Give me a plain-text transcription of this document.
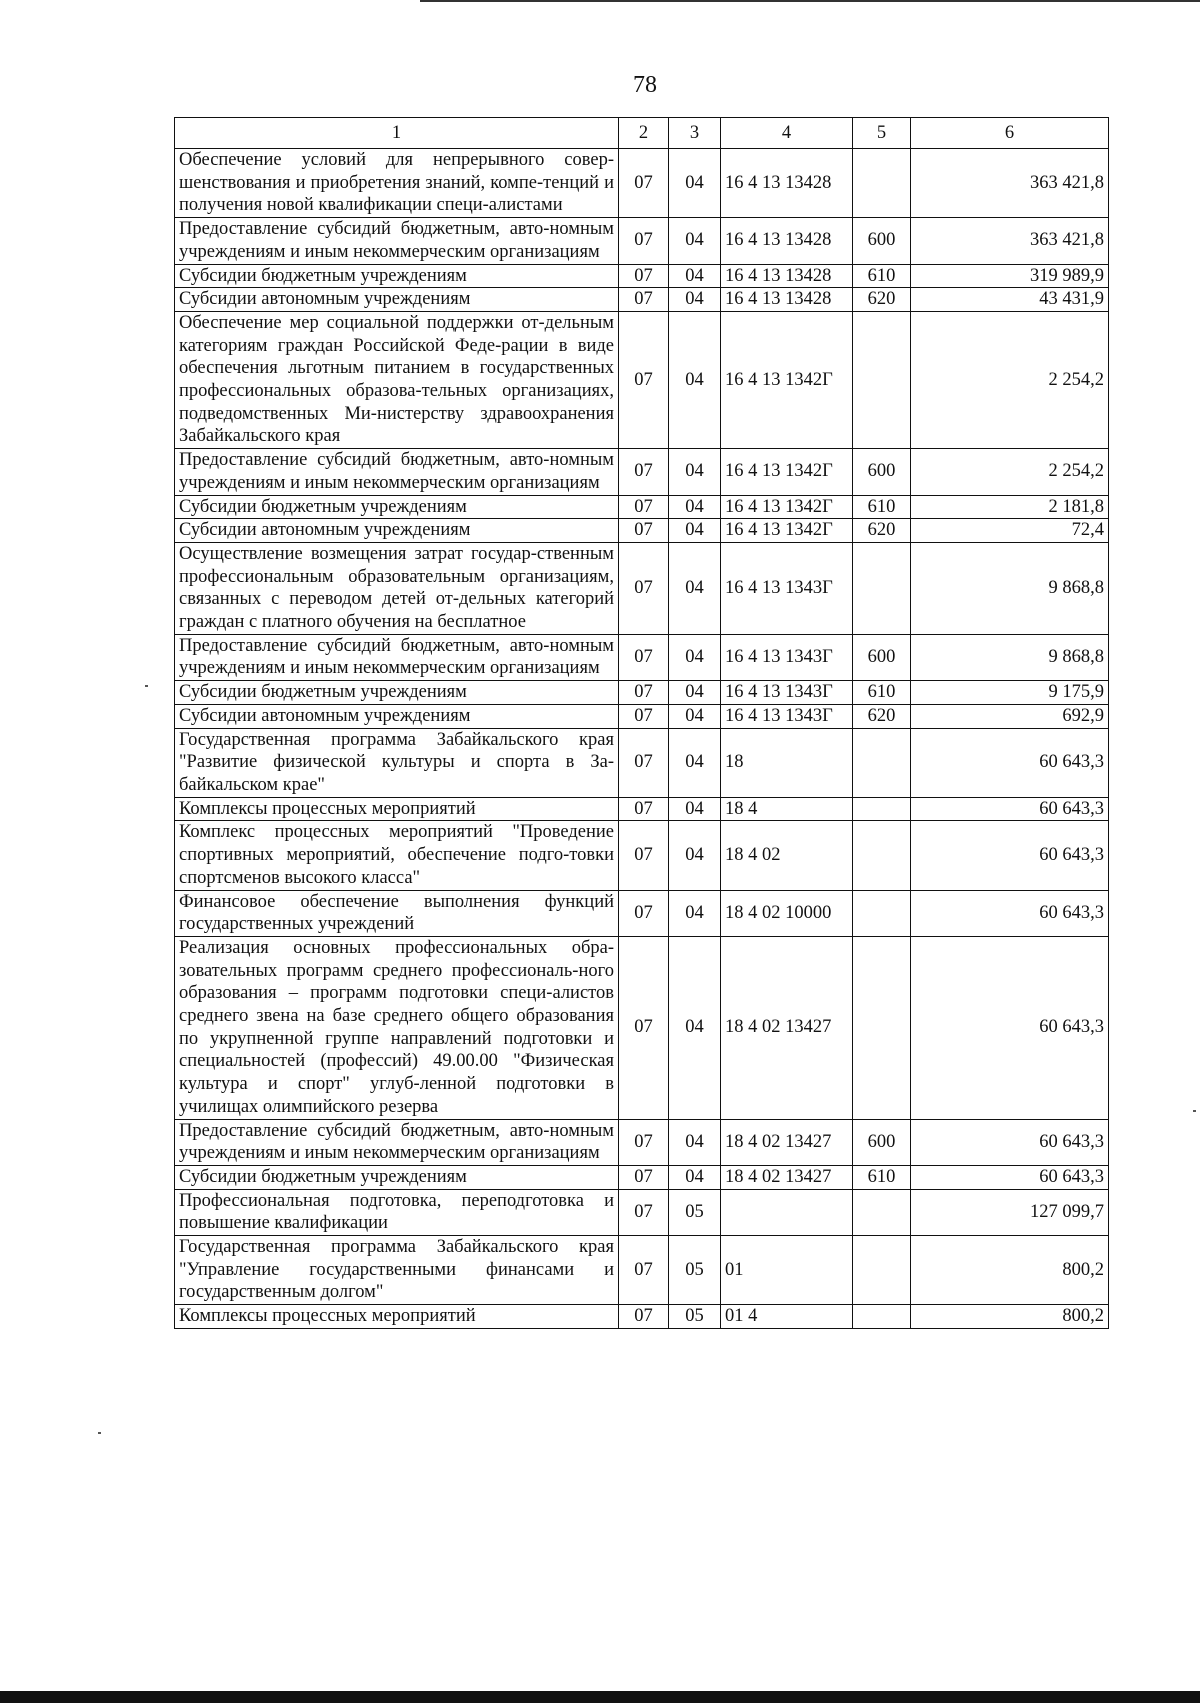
78
1	2	3	4	5	6
Обеспечение условий для непрерывного совер-шенствования и приобретения знаний, компе-тенций и получения новой квалификации специ-алистами	07	04	16 4 13 13428		363 421,8
Предоставление субсидий бюджетным, авто-номным учреждениям и иным некоммерческим организациям	07	04	16 4 13 13428	600	363 421,8
Субсидии бюджетным учреждениям	07	04	16 4 13 13428	610	319 989,9
Субсидии автономным учреждениям	07	04	16 4 13 13428	620	43 431,9
Обеспечение мер социальной поддержки от-дельным категориям граждан Российской Феде-рации в виде обеспечения льготным питанием в государственных профессиональных образова-тельных организациях, подведомственных Ми-нистерству здравоохранения Забайкальского края	07	04	16 4 13 1342Г		2 254,2
Предоставление субсидий бюджетным, авто-номным учреждениям и иным некоммерческим организациям	07	04	16 4 13 1342Г	600	2 254,2
Субсидии бюджетным учреждениям	07	04	16 4 13 1342Г	610	2 181,8
Субсидии автономным учреждениям	07	04	16 4 13 1342Г	620	72,4
Осуществление возмещения затрат государ-ственным профессиональным образовательным организациям, связанных с переводом детей от-дельных категорий граждан с платного обучения на бесплатное	07	04	16 4 13 1343Г		9 868,8
Предоставление субсидий бюджетным, авто-номным учреждениям и иным некоммерческим организациям	07	04	16 4 13 1343Г	600	9 868,8
Субсидии бюджетным учреждениям	07	04	16 4 13 1343Г	610	9 175,9
Субсидии автономным учреждениям	07	04	16 4 13 1343Г	620	692,9
Государственная программа Забайкальского края "Развитие физической культуры и спорта в За-байкальском крае"	07	04	18		60 643,3
Комплексы процессных мероприятий	07	04	18 4		60 643,3
Комплекс процессных мероприятий "Проведение спортивных мероприятий, обеспечение подго-товки спортсменов высокого класса"	07	04	18 4 02		60 643,3
Финансовое обеспечение выполнения функций государственных учреждений	07	04	18 4 02 10000		60 643,3
Реализация основных профессиональных обра-зовательных программ среднего профессиональ-ного образования – программ подготовки специ-алистов среднего звена на базе среднего общего образования по укрупненной группе направлений подготовки и специальностей (профессий) 49.00.00 "Физическая культура и спорт" углуб-ленной подготовки в училищах олимпийского резерва	07	04	18 4 02 13427		60 643,3
Предоставление субсидий бюджетным, авто-номным учреждениям и иным некоммерческим организациям	07	04	18 4 02 13427	600	60 643,3
Субсидии бюджетным учреждениям	07	04	18 4 02 13427	610	60 643,3
Профессиональная подготовка, переподготовка и повышение квалификации	07	05			127 099,7
Государственная программа Забайкальского края "Управление государственными финансами и государственным долгом"	07	05	01		800,2
Комплексы процессных мероприятий	07	05	01 4		800,2
